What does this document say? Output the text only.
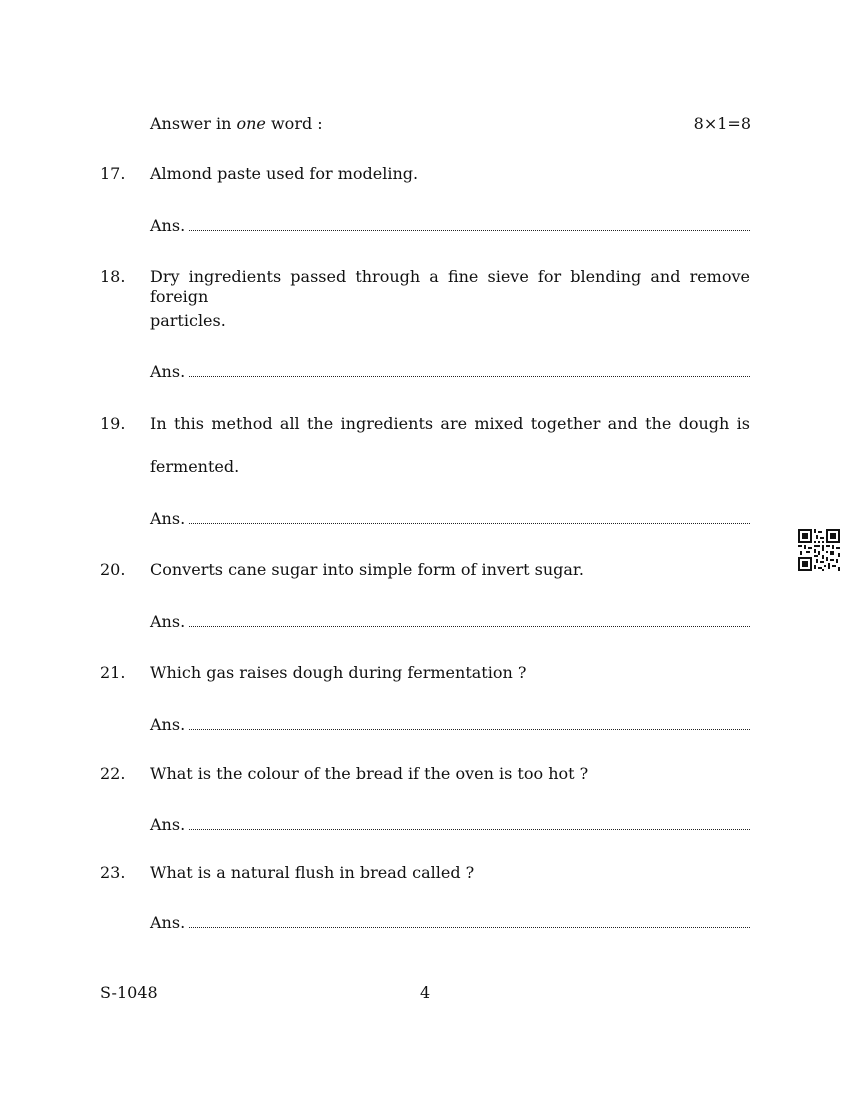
Answer in one word :	8×1=8
17. Almond paste used for modeling.
Ans.
18. Dry ingredients passed through a fine sieve for blending and remove foreign
particles.
Ans.
19. In this method all the ingredients are mixed together and the dough is
fermented.
Ans.
20. Converts cane sugar into simple form of invert sugar.
Ans.
21. Which gas raises dough during fermentation ?
Ans.
22. What is the colour of the bread if the oven is too hot ?
Ans.
23. What is a natural flush in bread called ?
Ans.
S-1048	4
